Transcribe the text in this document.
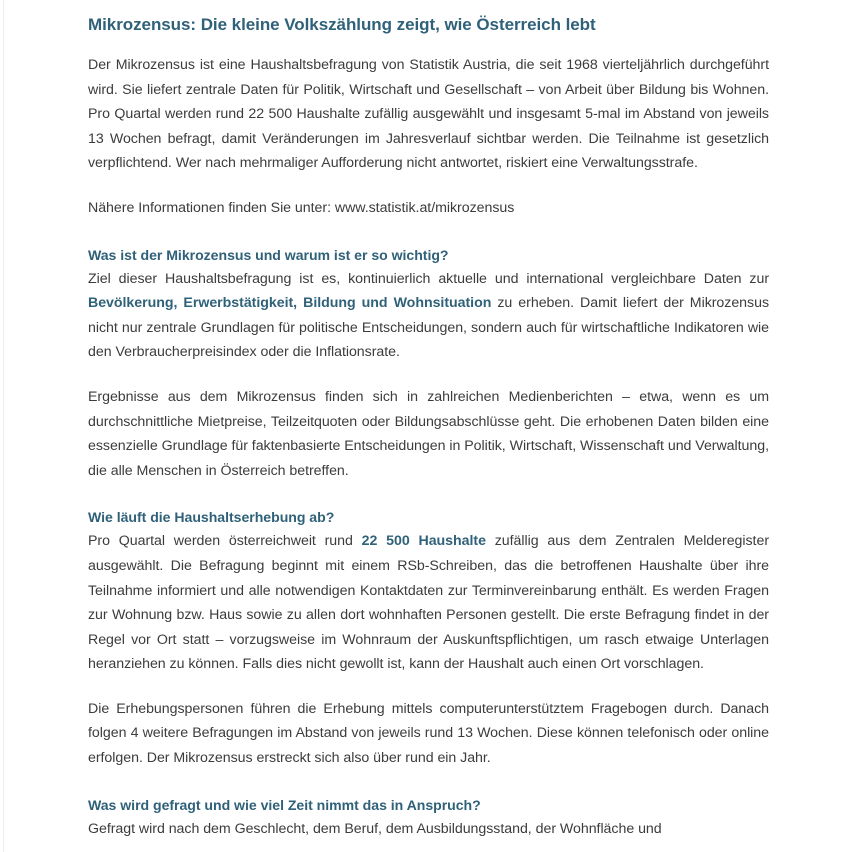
Mikrozensus: Die kleine Volkszählung zeigt, wie Österreich lebt

Der Mikrozensus ist eine Haushaltsbefragung von Statistik Austria, die seit 1968 vierteljährlich durchgeführt wird. Sie liefert zentrale Daten für Politik, Wirtschaft und Gesellschaft – von Arbeit über Bildung bis Wohnen. Pro Quartal werden rund 22 500 Haushalte zufällig ausgewählt und insgesamt 5-mal im Abstand von jeweils 13 Wochen befragt, damit Veränderungen im Jahresverlauf sichtbar werden. Die Teilnahme ist gesetzlich verpflichtend. Wer nach mehrmaliger Aufforderung nicht antwortet, riskiert eine Verwaltungsstrafe.

Nähere Informationen finden Sie unter: www.statistik.at/mikrozensus

Was ist der Mikrozensus und warum ist er so wichtig?

Ziel dieser Haushaltsbefragung ist es, kontinuierlich aktuelle und international vergleichbare Daten zur Bevölkerung, Erwerbstätigkeit, Bildung und Wohnsituation zu erheben. Damit liefert der Mikrozensus nicht nur zentrale Grundlagen für politische Entscheidungen, sondern auch für wirtschaftliche Indikatoren wie den Verbraucherpreisindex oder die Inflationsrate.

Ergebnisse aus dem Mikrozensus finden sich in zahlreichen Medienberichten – etwa, wenn es um durchschnittliche Mietpreise, Teilzeitquoten oder Bildungsabschlüsse geht. Die erhobenen Daten bilden eine essenzielle Grundlage für faktenbasierte Entscheidungen in Politik, Wirtschaft, Wissenschaft und Verwaltung, die alle Menschen in Österreich betreffen.

Wie läuft die Haushaltserhebung ab?

Pro Quartal werden österreichweit rund 22 500 Haushalte zufällig aus dem Zentralen Melderegister ausgewählt. Die Befragung beginnt mit einem RSb-Schreiben, das die betroffenen Haushalte über ihre Teilnahme informiert und alle notwendigen Kontaktdaten zur Terminvereinbarung enthält. Es werden Fragen zur Wohnung bzw. Haus sowie zu allen dort wohnhaften Personen gestellt. Die erste Befragung findet in der Regel vor Ort statt – vorzugsweise im Wohnraum der Auskunftspflichtigen, um rasch etwaige Unterlagen heranziehen zu können. Falls dies nicht gewollt ist, kann der Haushalt auch einen Ort vorschlagen.

Die Erhebungspersonen führen die Erhebung mittels computerunterstütztem Fragebogen durch. Danach folgen 4 weitere Befragungen im Abstand von jeweils rund 13 Wochen. Diese können telefonisch oder online erfolgen. Der Mikrozensus erstreckt sich also über rund ein Jahr.

Was wird gefragt und wie viel Zeit nimmt das in Anspruch?

Gefragt wird nach dem Geschlecht, dem Beruf, dem Ausbildungsstand, der Wohnfläche und
